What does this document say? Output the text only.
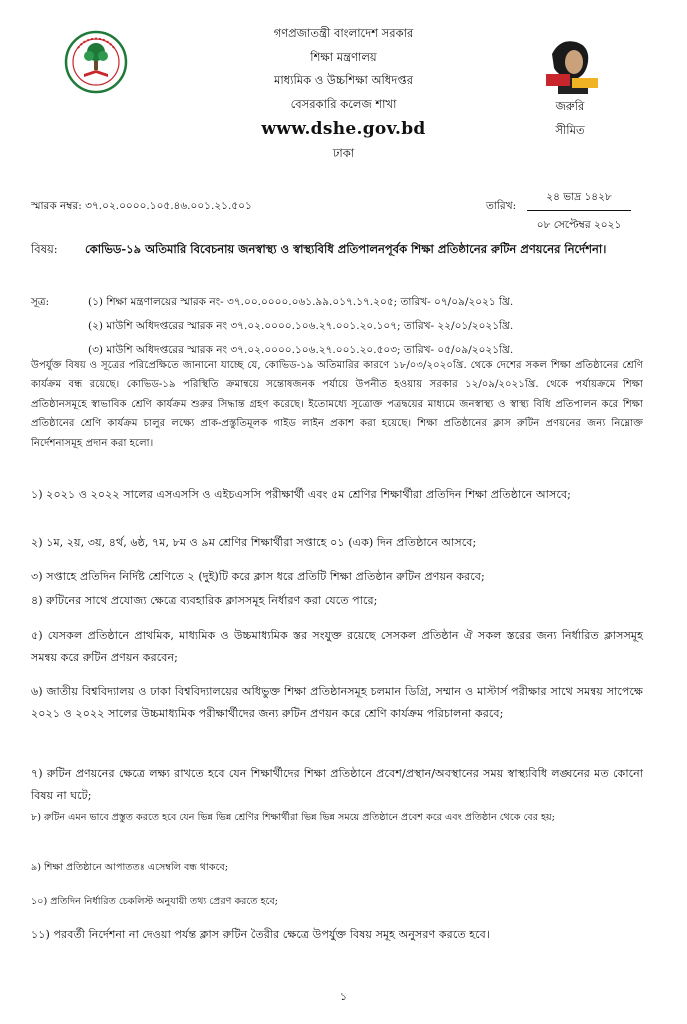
গণপ্রজাতন্ত্রী বাংলাদেশ সরকার
শিক্ষা মন্ত্রণালয়
মাধ্যমিক ও উচ্চশিক্ষা অধিদপ্তর
বেসরকারি কলেজ শাখা
www.dshe.gov.bd
ঢাকা
জরুরি
সীমিত
স্মারক নম্বর: ৩৭.০২.০০০০.১০৫.৪৬.০০১.২১.৫০১	তারিখ:
২৪ ভাদ্র ১৪২৮
০৮ সেপ্টেম্বর ২০২১
বিষয়: কোভিড-১৯ অতিমারি বিবেচনায় জনস্বাস্থ্য ও স্বাস্থ্যবিধি প্রতিপালনপূর্বক শিক্ষা প্রতিষ্ঠানের রুটিন প্রণয়নের নির্দেশনা।
সূত্র:	(১) শিক্ষা মন্ত্রণালয়ের স্মারক নং- ৩৭.০০.০০০০.০৬১.৯৯.০১৭.১৭.২০৫; তারিখ- ০৭/০৯/২০২১ খ্রি.
(২) মাউশি অধিদপ্তরের স্মারক নং ৩৭.০২.০০০০.১০৬.২৭.০০১.২০.১০৭; তারিখ- ২২/০১/২০২১খ্রি.
(৩) মাউশি অধিদপ্তরের স্মারক নং ৩৭.০২.০০০০.১০৬.২৭.০০১.২০.৫০৩; তারিখ- ০৫/০৯/২০২১খ্রি.
উপর্যুক্ত বিষয় ও সূত্রের পরিপ্রেক্ষিতে জানানো যাচ্ছে যে, কোভিড-১৯ অতিমারির কারণে ১৮/০৩/২০২০খ্রি. থেকে দেশের সকল শিক্ষা প্রতিষ্ঠানের শ্রেণি কার্যক্রম বন্ধ রয়েছে। কোভিড-১৯ পরিস্থিতি ক্রমান্বয়ে সন্তোষজনক পর্যায়ে উপনীত হওয়ায় সরকার ১২/০৯/২০২১খ্রি. থেকে পর্যায়ক্রমে শিক্ষা প্রতিষ্ঠানসমূহে স্বাভাবিক শ্রেণি কার্যক্রম শুরুর সিদ্ধান্ত গ্রহণ করেছে। ইতোমধ্যে সূত্রোক্ত পত্রদ্বয়ের মাধ্যমে জনস্বাস্থ্য ও স্বাস্থ্য বিধি প্রতিপালন করে শিক্ষা প্রতিষ্ঠানের শ্রেণি কার্যক্রম চালুর লক্ষ্যে প্রাক-প্রস্তুতিমূলক গাইড লাইন প্রকাশ করা হয়েছে। শিক্ষা প্রতিষ্ঠানের ক্লাস রুটিন প্রণয়নের জন্য নিম্নোক্ত নির্দেশনাসমূহ প্রদান করা হলো।
১) ২০২১ ও ২০২২ সালের এসএসসি ও এইচএসসি পরীক্ষার্থী এবং ৫ম শ্রেণির শিক্ষার্থীরা প্রতিদিন শিক্ষা প্রতিষ্ঠানে আসবে;
২) ১ম, ২য়, ৩য়, ৪র্থ, ৬ষ্ঠ, ৭ম, ৮ম ও ৯ম শ্রেণির শিক্ষার্থীরা সপ্তাহে ০১ (এক) দিন প্রতিষ্ঠানে আসবে;
৩) সপ্তাহে প্রতিদিন নির্দিষ্ট শ্রেণিতে ২ (দুই)টি করে ক্লাস ধরে প্রতিটি শিক্ষা প্রতিষ্ঠান রুটিন প্রণয়ন করবে;
৪) রুটিনের সাথে প্রযোজ্য ক্ষেত্রে ব্যবহারিক ক্লাসসমূহ নির্ধারণ করা যেতে পারে;
৫) যেসকল প্রতিষ্ঠানে প্রাথমিক, মাধ্যমিক ও উচ্চমাধ্যমিক স্তর সংযুক্ত রয়েছে সেসকল প্রতিষ্ঠান ঐ সকল স্তরের জন্য নির্ধারিত ক্লাসসমূহ সমন্বয় করে রুটিন প্রণয়ন করবেন;
৬) জাতীয় বিশ্ববিদ্যালয় ও ঢাকা বিশ্ববিদ্যালয়ের অধিভুক্ত শিক্ষা প্রতিষ্ঠানসমূহ চলমান ডিগ্রি, সম্মান ও মাস্টার্স পরীক্ষার সাথে সমন্বয় সাপেক্ষে ২০২১ ও ২০২২ সালের উচ্চমাধ্যমিক পরীক্ষার্থীদের জন্য রুটিন প্রণয়ন করে শ্রেণি কার্যক্রম পরিচালনা করবে;
৭) রুটিন প্রণয়নের ক্ষেত্রে লক্ষ্য রাখতে হবে যেন শিক্ষার্থীদের শিক্ষা প্রতিষ্ঠানে প্রবেশ/প্রস্থান/অবস্থানের সময় স্বাস্থ্যবিধি লঙ্ঘনের মত কোনো বিষয় না ঘটে;
৮) রুটিন এমন ভাবে প্রস্তুত করতে হবে যেন ভিন্ন ভিন্ন শ্রেণির শিক্ষার্থীরা ভিন্ন ভিন্ন সময়ে প্রতিষ্ঠানে প্রবেশ করে এবং প্রতিষ্ঠান থেকে বের হয়;
৯) শিক্ষা প্রতিষ্ঠানে আপাততঃ এসেম্বলি বন্ধ থাকবে;
১০) প্রতিদিন নির্ধারিত চেকলিস্ট অনুযায়ী তথ্য প্রেরণ করতে হবে;
১১) পরবর্তী নির্দেশনা না দেওয়া পর্যন্ত ক্লাস রুটিন তৈরীর ক্ষেত্রে উপর্যুক্ত বিষয় সমূহ অনুসরণ করতে হবে।
১
